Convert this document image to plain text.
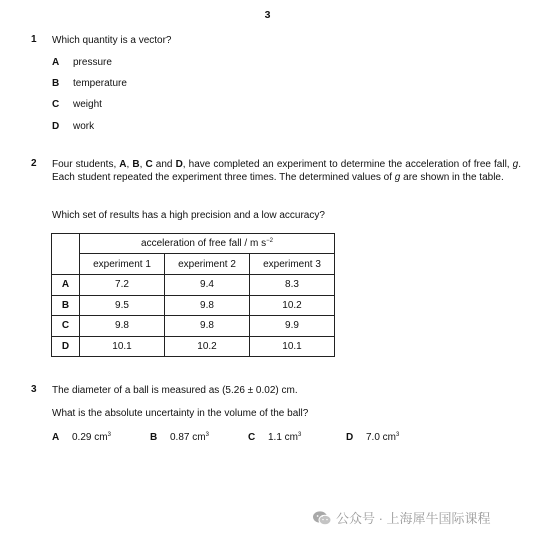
3
1 Which quantity is a vector?
A pressure
B temperature
C weight
D work
2 Four students, A, B, C and D, have completed an experiment to determine the acceleration of free fall, g. Each student repeated the experiment three times. The determined values of g are shown in the table.
Which set of results has a high precision and a low accuracy?
	acceleration of free fall / m $s^{-2}$
	experiment 1	experiment 2	experiment 3
A	7.2	9.4	8.3
B	9.5	9.8	10.2
C	9.8	9.8	9.9
D	10.1	10.2	10.1
3 The diameter of a ball is measured as (5.26 ± 0.02) cm.
What is the absolute uncertainty in the volume of the ball?
A 0.29 $cm^3$	B 0.87 $cm^3$	C 1.1 $cm^3$	D 7.0 $cm^3$
公众号 · 上海犀牛国际课程
